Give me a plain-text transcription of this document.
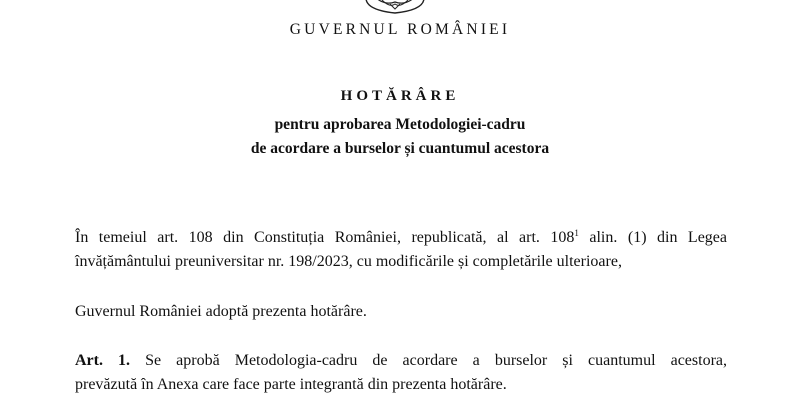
GUVERNUL ROMÂNIEI
HOTĂRÂRE
pentru aprobarea Metodologiei-cadru
de acordare a burselor și cuantumul acestora
În temeiul art. 108 din Constituția României, republicată, al art. $108^1$ alin. (1) din Legea
învățământului preuniversitar nr. 198/2023, cu modificările și completările ulterioare,
Guvernul României adoptă prezenta hotărâre.
Art. 1. Se aprobă Metodologia-cadru de acordare a burselor și cuantumul acestora,
prevăzută în Anexa care face parte integrantă din prezenta hotărâre.
